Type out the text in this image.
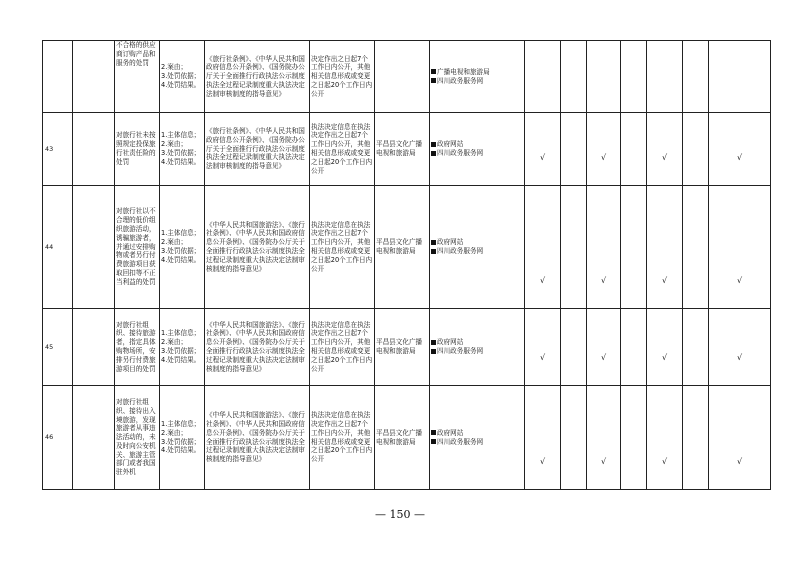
		不合格的供应商订购产品和服务的处罚	2.案由；
3.处罚依据；
4.处罚结果。	《旅行社条例》、《中华人民共和国政府信息公开条例》、《国务院办公厅关于全面推行行政执法公示制度执法全过程记录制度重大执法决定法制审核制度的指导意见》	决定作出之日起7个工作日内公开，其他相关信息形成或变更之日起20个工作日内公开		广播电视和旅游局
四川政务服务网							

43		对旅行社未按照规定投保旅行社责任险的处罚	1.主体信息；
2.案由；
3.处罚依据；
4.处罚结果。	《旅行社条例》、《中华人民共和国政府信息公开条例》、《国务院办公厅关于全面推行行政执法公示制度执法全过程记录制度重大执法决定法制审核制度的指导意见》	执法决定信息在执法决定作出之日起7个工作日内公开，其他相关信息形成或变更之日起20个工作日内公开	平昌县文化广播电视和旅游局	政府网站
四川政务服务网	√		√		√		√
44		对旅行社以不合理的低价组织旅游活动，诱骗旅游者，并通过安排购物或者另行付费旅游项目获取回扣等不正当利益的处罚	1.主体信息；
2.案由；
3.处罚依据；
4.处罚结果。	《中华人民共和国旅游法》、《旅行社条例》、《中华人民共和国政府信息公开条例》、《国务院办公厅关于全面推行行政执法公示制度执法全过程记录制度重大执法决定法制审核制度的指导意见》	执法决定信息在执法决定作出之日起7个工作日内公开，其他相关信息形成或变更之日起20个工作日内公开	平昌县文化广播电视和旅游局	政府网站
四川政务服务网	√		√		√		√
45		对旅行社组织、接待旅游者，指定具体购物场所，安排另行付费旅游项目的处罚	1.主体信息；
2.案由；
3.处罚依据；
4.处罚结果。	《中华人民共和国旅游法》、《旅行社条例》、《中华人民共和国政府信息公开条例》、《国务院办公厅关于全面推行行政执法公示制度执法全过程记录制度重大执法决定法制审核制度的指导意见》	执法决定信息在执法决定作出之日起7个工作日内公开，其他相关信息形成或变更之日起20个工作日内公开	平昌县文化广播电视和旅游局	政府网站
四川政务服务网	√		√		√		√
46		对旅行社组织、接待出入境旅游，发现旅游者从事违法活动的，未及时向公安机关、旅游主管部门或者我国驻外机	1.主体信息；
2.案由；
3.处罚依据；
4.处罚结果。	《中华人民共和国旅游法》、《旅行社条例》、《中华人民共和国政府信息公开条例》、《国务院办公厅关于全面推行行政执法公示制度执法全过程记录制度重大执法决定法制审核制度的指导意见》	执法决定信息在执法决定作出之日起7个工作日内公开，其他相关信息形成或变更之日起20个工作日内公开	平昌县文化广播电视和旅游局	政府网站
四川政务服务网	√		√		√		√
— 150 —
